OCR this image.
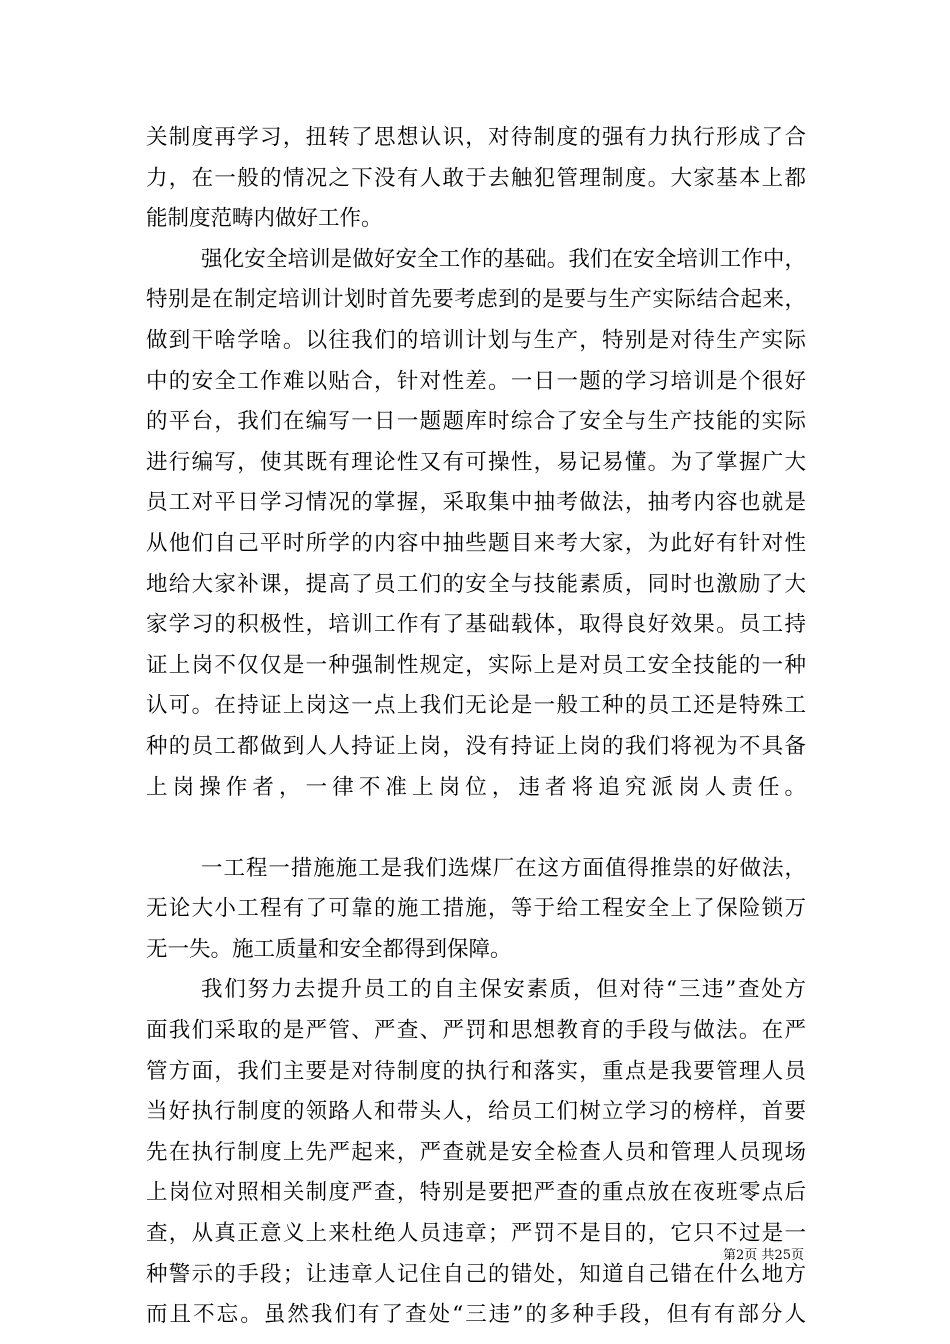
关制度再学习，扭转了思想认识，对待制度的强有力执行形成了合
力，在一般的情况之下没有人敢于去触犯管理制度。大家基本上都
能制度范畴内做好工作。
强化安全培训是做好安全工作的基础。我们在安全培训工作中，
特别是在制定培训计划时首先要考虑到的是要与生产实际结合起来，
做到干啥学啥。以往我们的培训计划与生产，特别是对待生产实际
中的安全工作难以贴合，针对性差。一日一题的学习培训是个很好
的平台，我们在编写一日一题题库时综合了安全与生产技能的实际
进行编写，使其既有理论性又有可操性，易记易懂。为了掌握广大
员工对平日学习情况的掌握，采取集中抽考做法，抽考内容也就是
从他们自己平时所学的内容中抽些题目来考大家，为此好有针对性
地给大家补课，提高了员工们的安全与技能素质，同时也激励了大
家学习的积极性，培训工作有了基础载体，取得良好效果。员工持
证上岗不仅仅是一种强制性规定，实际上是对员工安全技能的一种
认可。在持证上岗这一点上我们无论是一般工种的员工还是特殊工
种的员工都做到人人持证上岗，没有持证上岗的我们将视为不具备
上岗操作者，一律不准上岗位，违者将追究派岗人责任。
一工程一措施施工是我们选煤厂在这方面值得推祟的好做法，
无论大小工程有了可靠的施工措施，等于给工程安全上了保险锁万
无一失。施工质量和安全都得到保障。
我们努力去提升员工的自主保安素质，但对待“三违”查处方
面我们采取的是严管、严查、严罚和思想教育的手段与做法。在严
管方面，我们主要是对待制度的执行和落实，重点是我要管理人员
当好执行制度的领路人和带头人，给员工们树立学习的榜样，首要
先在执行制度上先严起来，严查就是安全检查人员和管理人员现场
上岗位对照相关制度严查，特别是要把严查的重点放在夜班零点后
查，从真正意义上来杜绝人员违章；严罚不是目的，它只不过是一
种警示的手段；让违章人记住自己的错处，知道自己错在什么地方
而且不忘。虽然我们有了查处“三违”的多种手段，但有有部分人
第2页 共25页
